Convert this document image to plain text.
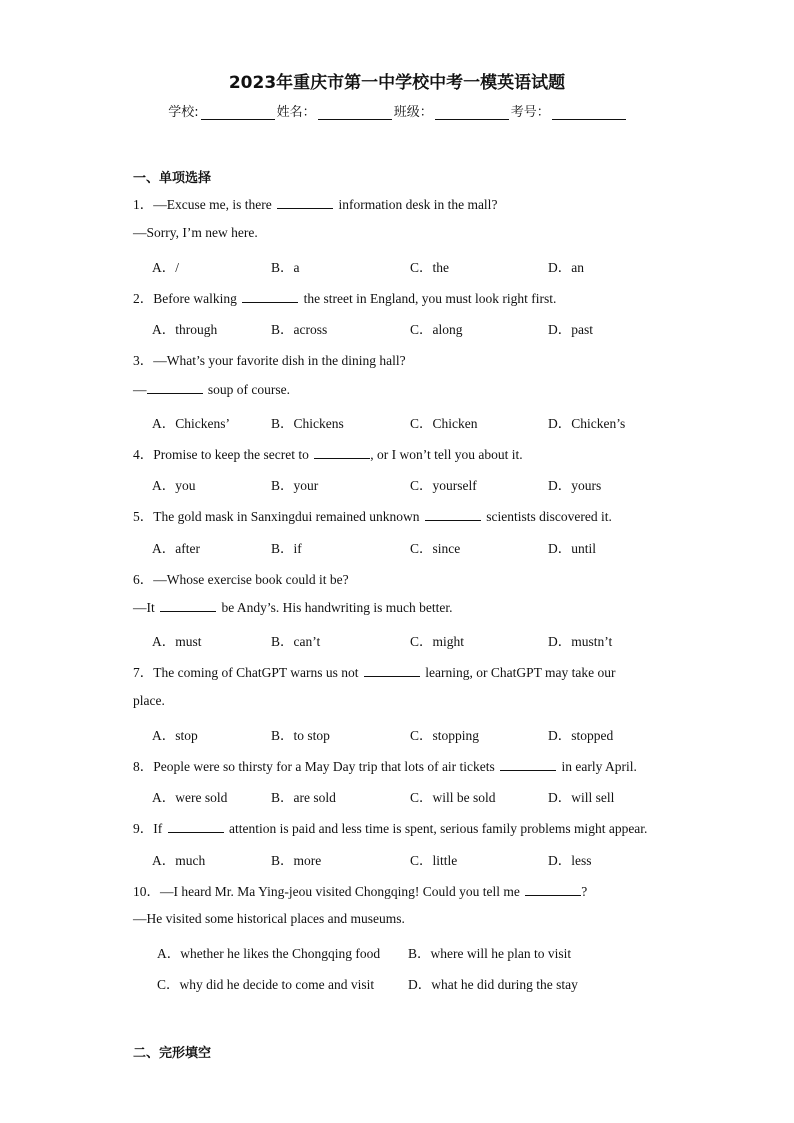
2023年重庆市第一中学校中考一模英语试题
学校:	姓名：	班级：	考号：
一、单项选择
1．—Excuse me, is there	information desk in the mall?
—Sorry, I’m new here.
A．/	B．a	C．the	D．an
2．Before walking	the street in England, you must look right first.
A．through	B．across	C．along	D．past
3．—What’s your favorite dish in the dining hall?
—	soup of course.
A．Chickens’	B．Chickens	C．Chicken	D．Chicken’s
4．Promise to keep the secret to	, or I won’t tell you about it.
A．you	B．your	C．yourself	D．yours
5．The gold mask in Sanxingdui remained unknown	scientists discovered it.
A．after	B．if	C．since	D．until
6．—Whose exercise book could it be?
—It	be Andy’s. His handwriting is much better.
A．must	B．can’t	C．might	D．mustn’t
7．The coming of ChatGPT warns us not	learning, or ChatGPT may take our
place.
A．stop	B．to stop	C．stopping	D．stopped
8．People were so thirsty for a May Day trip that lots of air tickets	in early April.
A．were sold	B．are sold	C．will be sold	D．will sell
9．If	attention is paid and less time is spent, serious family problems might appear.
A．much	B．more	C．little	D．less
10．—I heard Mr. Ma Ying-jeou visited Chongqing! Could you tell me	?
—He visited some historical places and museums.
A．whether he likes the Chongqing food B．where will he plan to visit
C．why did he decide to come and visit	D．what he did during the stay
二、完形填空
